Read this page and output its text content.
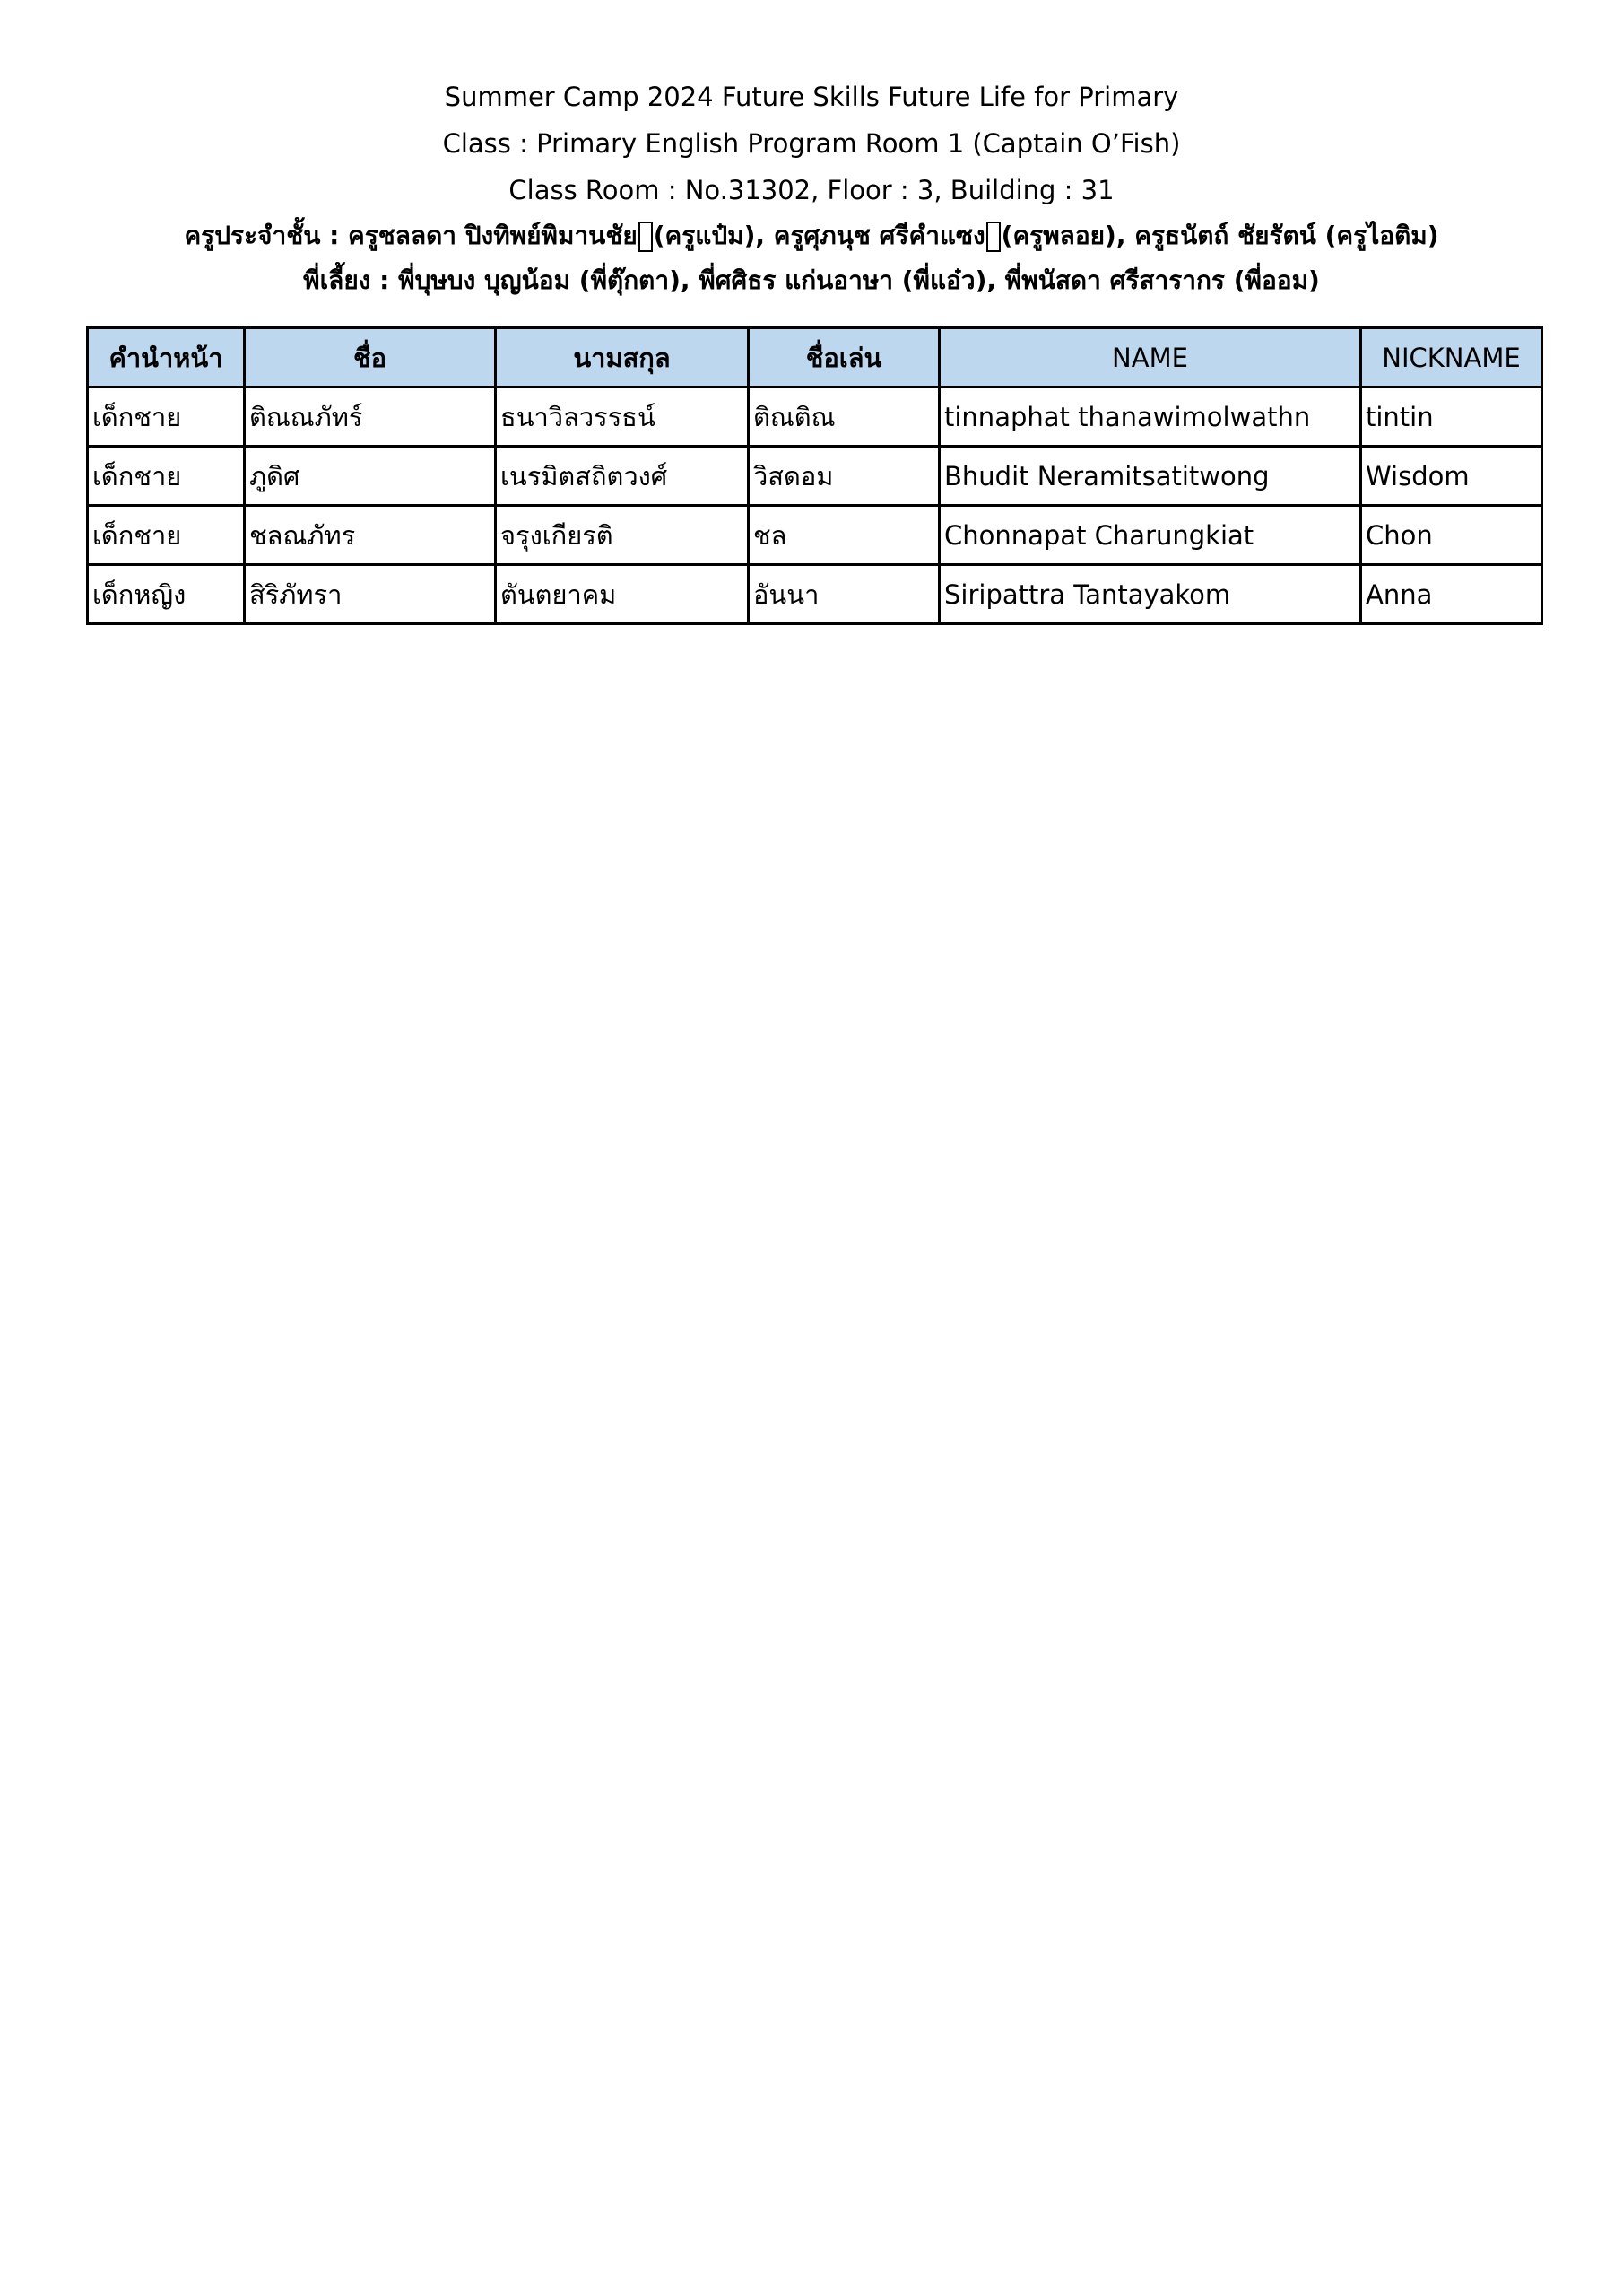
Summer Camp 2024 Future Skills Future Life for Primary
Class : Primary English Program Room 1 (Captain O’Fish)
Class Room : No.31302, Floor : 3, Building : 31
ครูประจำชั้น : ครูชลลดา ปิงทิพย์พิมานชัย (ครูแป๋ม), ครูศุภนุช ศรีคำแซง (ครูพลอย), ครูธนัตถ์ ชัยรัตน์ (ครูไอติม)
พี่เลี้ยง : พี่บุษบง บุญน้อม (พี่ตุ๊กตา), พี่ศศิธร แก่นอาษา (พี่แอ๋ว), พี่พนัสดา ศรีสารากร (พี่ออม)
คำนำหน้า	ชื่อ	นามสกุล	ชื่อเล่น	NAME	NICKNAME
เด็กชาย	ติณณภัทร์	ธนาวิลวรรธน์	ติณติณ	tinnaphat thanawimolwathn	tintin
เด็กชาย	ภูดิศ	เนรมิตสถิตวงศ์	วิสดอม	Bhudit Neramitsatitwong	Wisdom
เด็กชาย	ชลณภัทร	จรุงเกียรติ	ชล	Chonnapat Charungkiat	Chon
เด็กหญิง	สิริภัทรา	ตันตยาคม	อันนา	Siripattra Tantayakom	Anna
